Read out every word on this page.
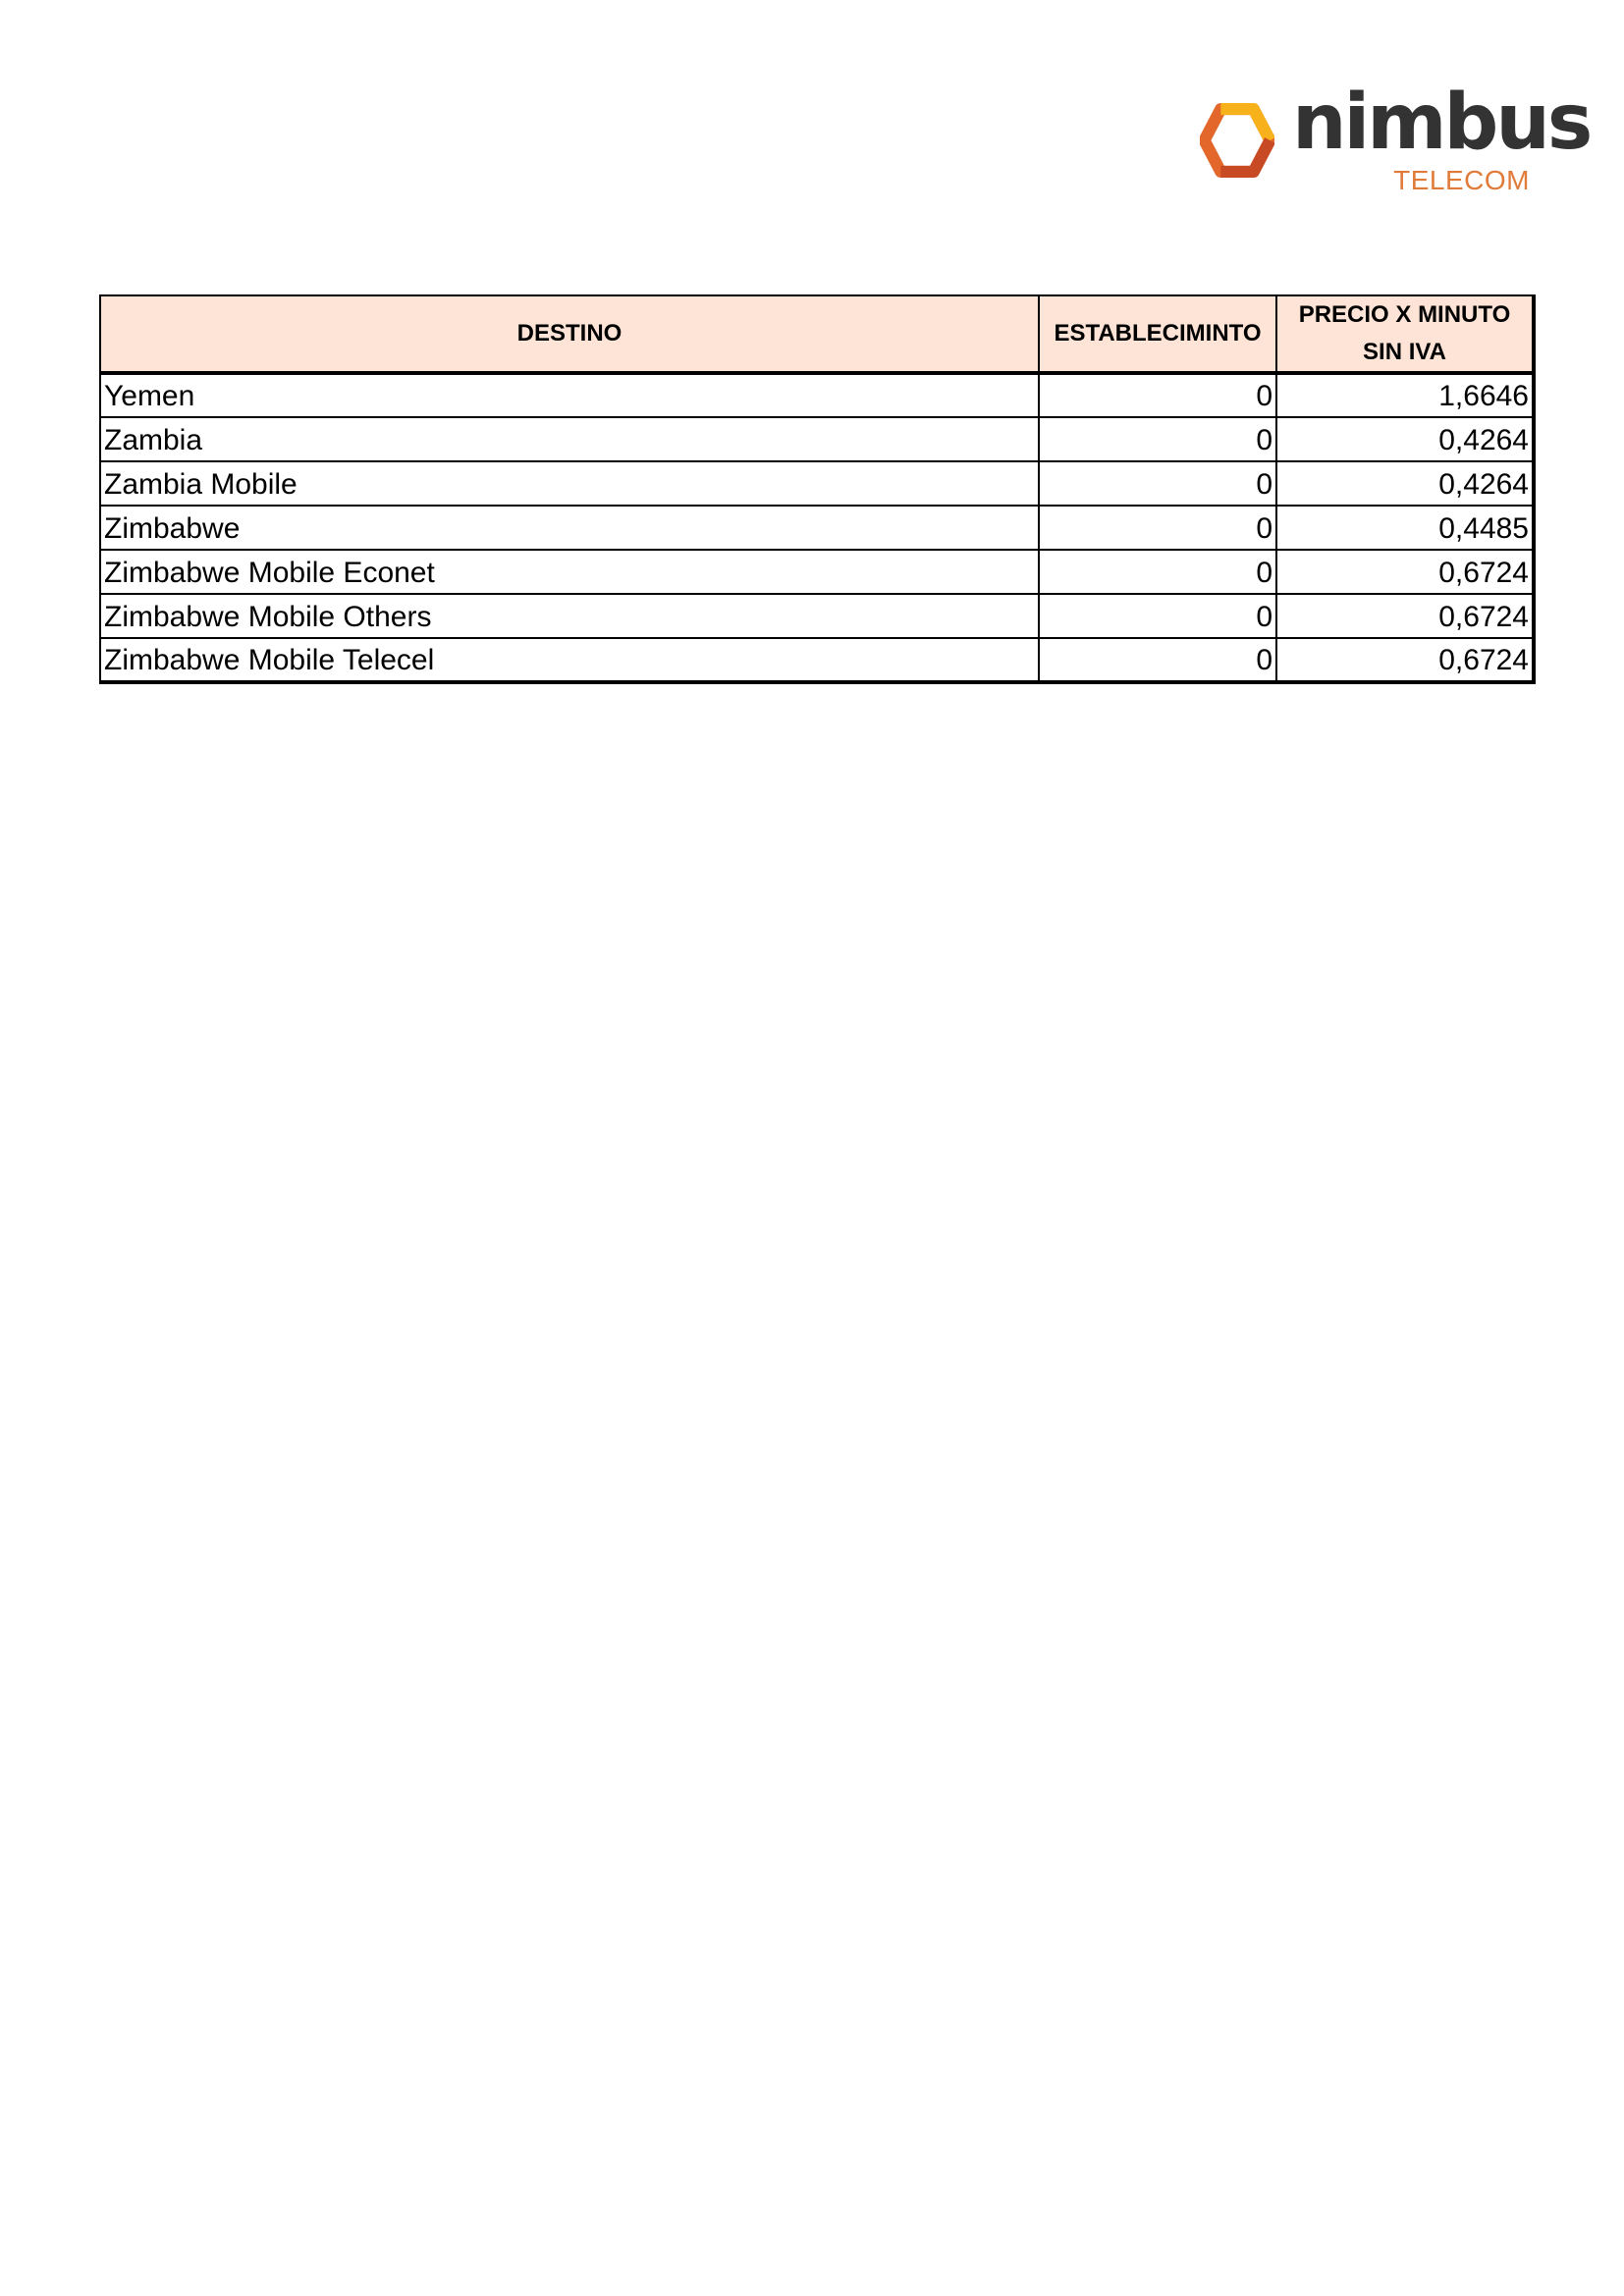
nimbus
TELECOM
DESTINO	ESTABLECIMINTO	PRECIO X MINUTO
SIN IVA
Yemen	0	1,6646
Zambia	0	0,4264
Zambia Mobile	0	0,4264
Zimbabwe	0	0,4485
Zimbabwe Mobile Econet	0	0,6724
Zimbabwe Mobile Others	0	0,6724
Zimbabwe Mobile Telecel	0	0,6724
